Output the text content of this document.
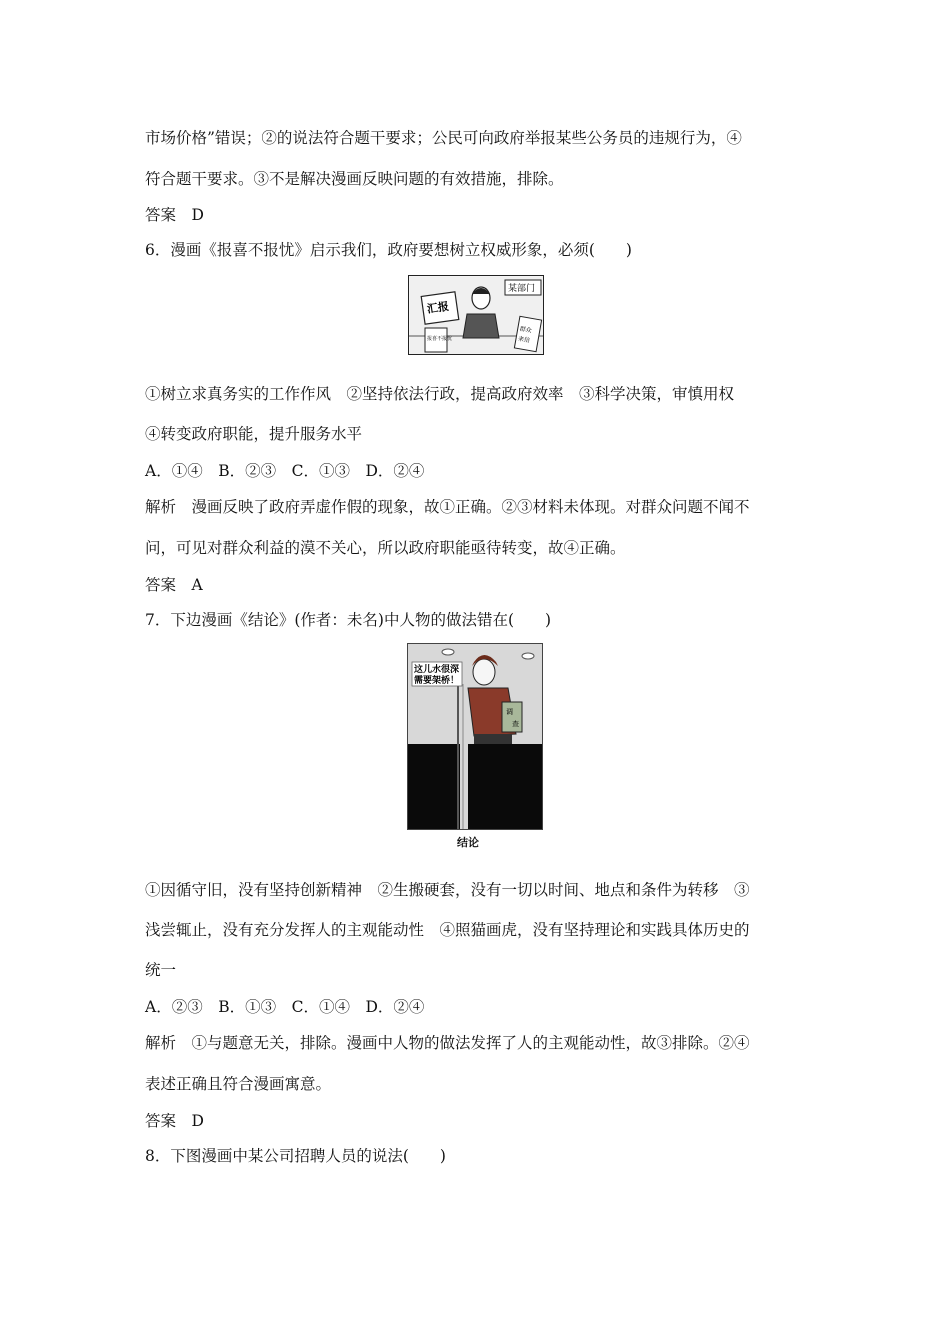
市场价格”错误；②的说法符合题干要求；公民可向政府举报某些公务员的违规行为，④
符合题干要求。③不是解决漫画反映问题的有效措施，排除。
答案　D
6．漫画《报喜不报忧》启示我们，政府要想树立权威形象，必须(　　)
汇报
某部门
报喜不报忧
群众
来信
①树立求真务实的工作作风　②坚持依法行政，提高政府效率　③科学决策，审慎用权
④转变政府职能，提升服务水平
A．①④　B．②③　C．①③　D．②④
解析　漫画反映了政府弄虚作假的现象，故①正确。②③材料未体现。对群众问题不闻不
问，可见对群众利益的漠不关心，所以政府职能亟待转变，故④正确。
答案　A
7．下边漫画《结论》(作者：未名)中人物的做法错在(　　)
调
查
这儿水很深
需要架桥！
结论
①因循守旧，没有坚持创新精神　②生搬硬套，没有一切以时间、地点和条件为转移　③
浅尝辄止，没有充分发挥人的主观能动性　④照猫画虎，没有坚持理论和实践具体历史的
统一
A．②③　B．①③　C．①④　D．②④
解析　①与题意无关，排除。漫画中人物的做法发挥了人的主观能动性，故③排除。②④
表述正确且符合漫画寓意。
答案　D
8．下图漫画中某公司招聘人员的说法(　　)
